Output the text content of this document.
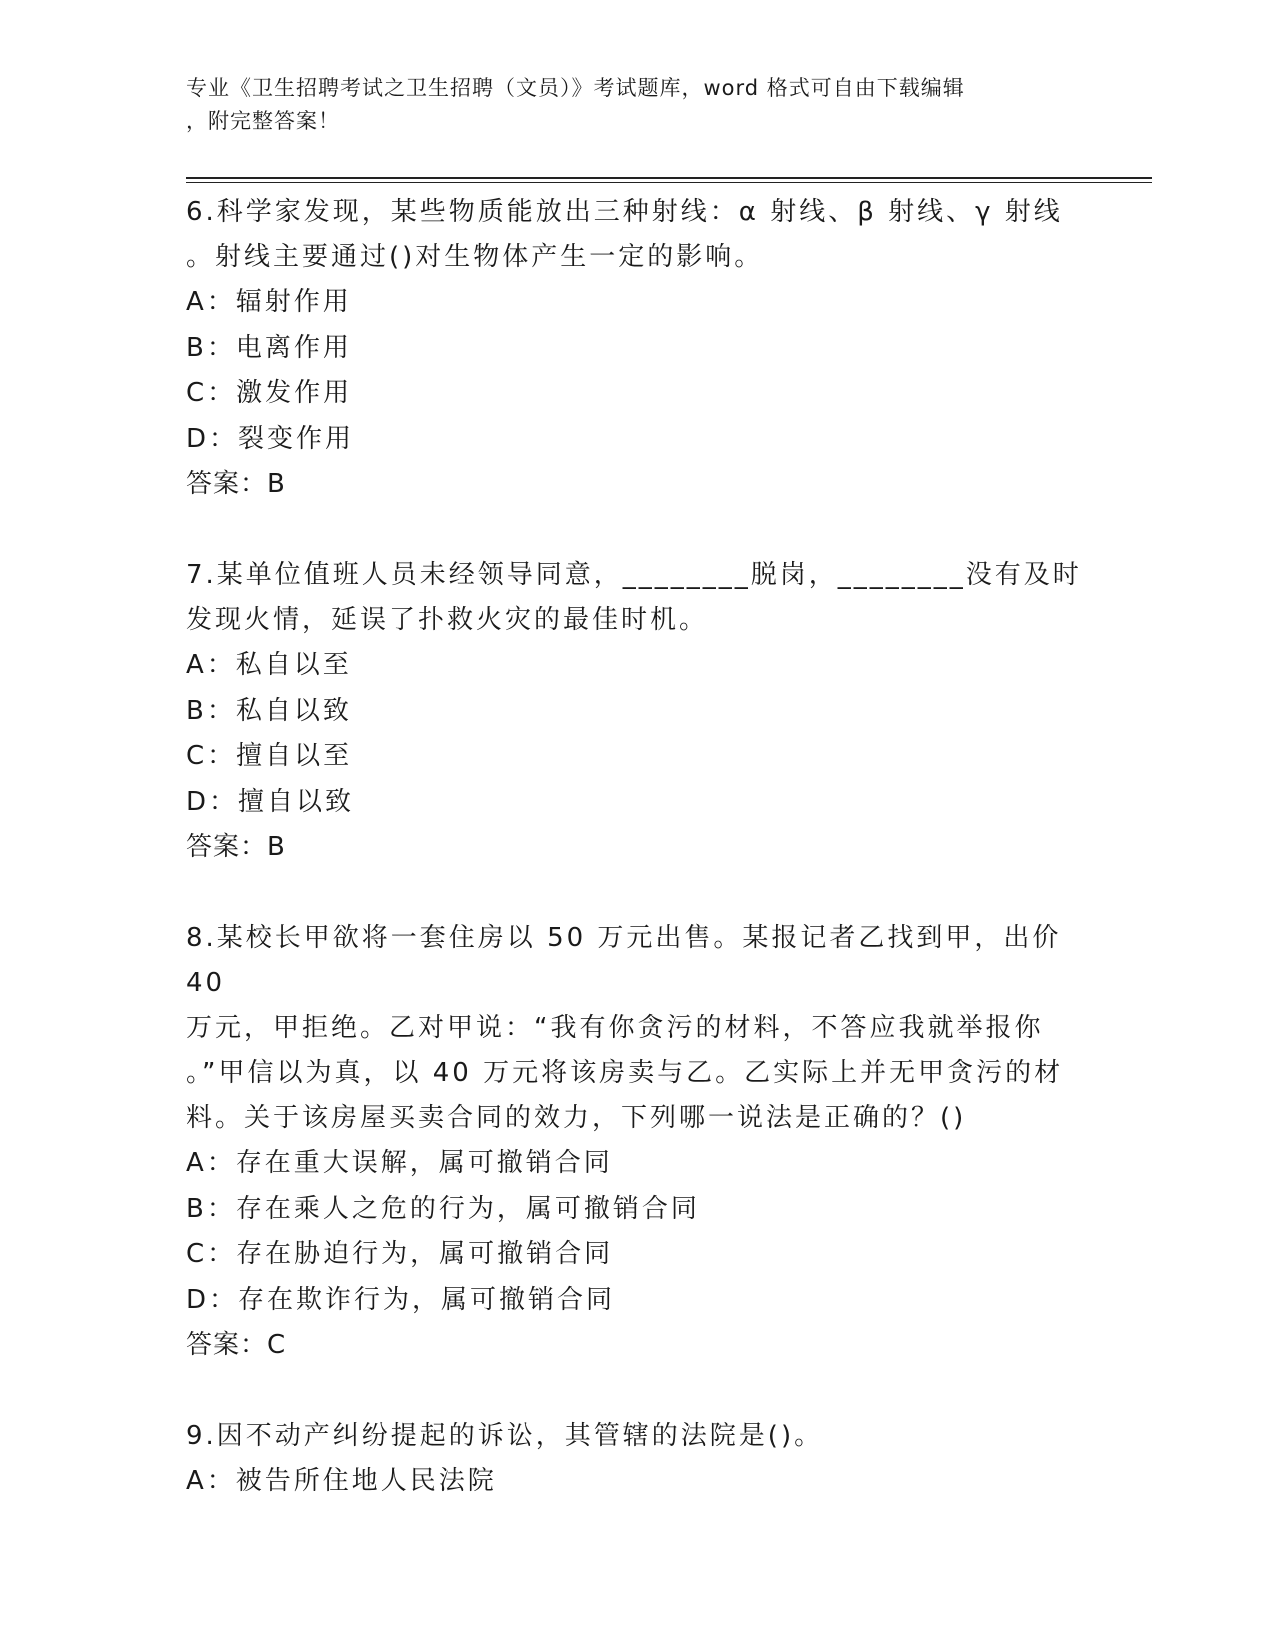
专业《卫生招聘考试之卫生招聘（文员）》考试题库，word 格式可自由下载编辑
，附完整答案！
6.科学家发现，某些物质能放出三种射线：α 射线、β 射线、γ 射线
。射线主要通过()对生物体产生一定的影响。
A：辐射作用
B：电离作用
C：激发作用
D：裂变作用
答案：B
7.某单位值班人员未经领导同意，________脱岗，________没有及时
发现火情，延误了扑救火灾的最佳时机。
A：私自以至
B：私自以致
C：擅自以至
D：擅自以致
答案：B
8.某校长甲欲将一套住房以 50 万元出售。某报记者乙找到甲，出价 40
万元，甲拒绝。乙对甲说：“我有你贪污的材料，不答应我就举报你
。”甲信以为真，以 40 万元将该房卖与乙。乙实际上并无甲贪污的材
料。关于该房屋买卖合同的效力，下列哪一说法是正确的？()
A：存在重大误解，属可撤销合同
B：存在乘人之危的行为，属可撤销合同
C：存在胁迫行为，属可撤销合同
D：存在欺诈行为，属可撤销合同
答案：C
9.因不动产纠纷提起的诉讼，其管辖的法院是()。
A：被告所住地人民法院
